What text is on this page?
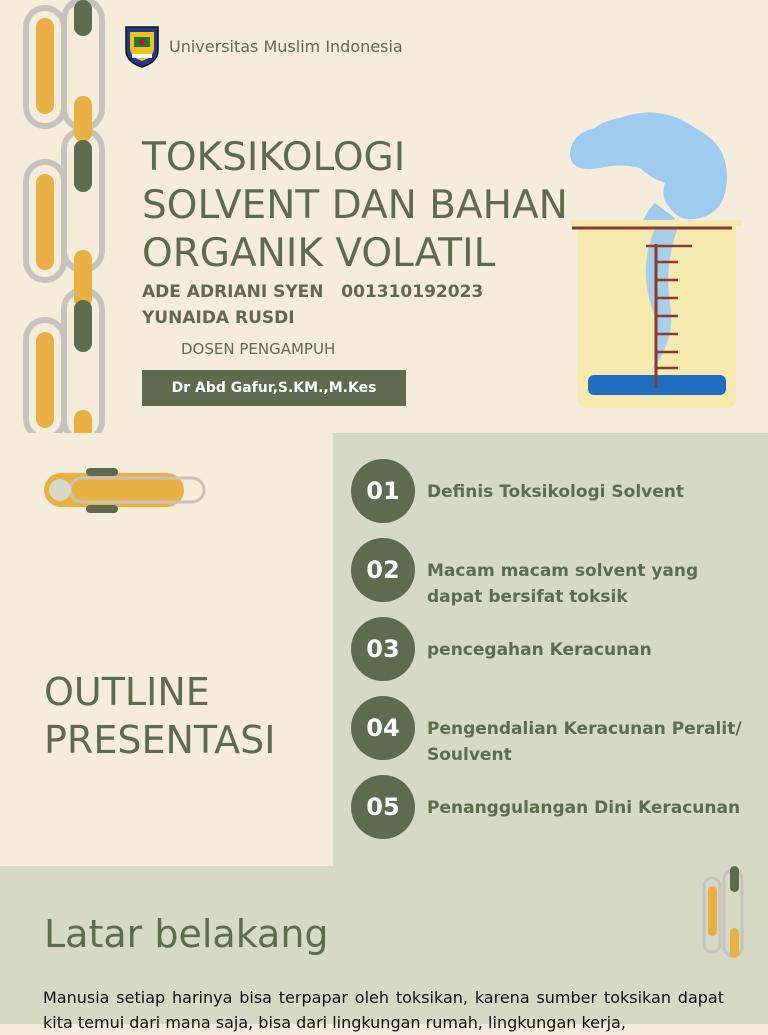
Universitas Muslim Indonesia
TOKSIKOLOGI
SOLVENT DAN BAHAN
ORGANIK VOLATIL
ADE ADRIANI SYEN 001310192023
YUNAIDA RUSDI
DOSEN PENGAMPUH
Dr Abd Gafur,S.KM.,M.Kes
OUTLINE
PRESENTASI
01	Definis Toksikologi Solvent
02	Macam macam solvent yang dapat bersifat toksik
03	pencegahan Keracunan
04	Pengendalian Keracunan Peralit/ Soulvent
05	Penanggulangan Dini Keracunan
Latar belakang
Manusia setiap harinya bisa terpapar oleh toksikan, karena sumber toksikan dapat kita temui dari mana saja, bisa dari lingkungan rumah, lingkungan kerja,
